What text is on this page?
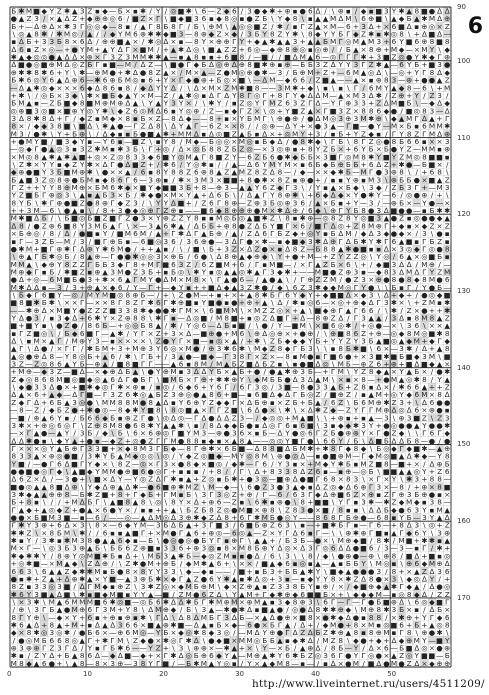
Б ✱ M ■ ◆ Y Z ✱ ▲ 3 Z ▪ ◆ — Б × ▪ ✱ / Y / ◎ ■ ✱ \ 6 — Z ◆ 6 / 3 ● ◆ ✱ + ⊕ ▪ ● 6 ∆ / \ ⊕ ▪ / ◆ ▪ ■ 3 Y ✱ ▲ 8 ■ ● ∆ ∆
● ▲ Z 3 / × ▲ ∆ Z + ◆ ⊕ ⊕ ◎ 6 / ■ Z × Г \ ■ ◆ ■ 3 6 ▪ ◆ 8 ◎ ▪ ● Z Б \ Y ◆ 8 \ ▪ ▲ ▲ M ∆ M \ 6 ⊕ ■ \ ▲ ◆ Б ▲ ✱ M ∆ ⊕
Б + — ∆ ⊕ ∆ × ✱ 3 Г ◎ ◎ ◆ — 8 ▪ / ▲ Г 8 Б 8 Г / Б \ ⊕ M \ ▲ ◎ ◎ ■ Z / ✱ / ▪ Г Z ▲ × M — 6 + 3 ∆ + × 6 ■ ∆ ▪ ⊕ ◎ × Z
\ ◎ ▲ 8 ✱ / ✱ M ◎ / ▲ / / ◆ Y M 6 ⊕ ✱ ✱ ◆ ■ 3 — 8 ⊕ ◆ Z × ◆ / 3 Б Y 8 Z Y ✱ \ 8 ◆ Y Y Б Г ◆ Z ✱ ▪ ✱ ◎ 8 \ + ∆ ■ ∆ —
▪ ∆ Б + 3 3 Б 8 × 6 ∆ / ⊕ ⊕ ■ ▲ × / ✱ ◎ ∆ × ▪ — 8 Y × ⊕ ⊕ Г Y + ◆ ▲ ✱ ▲ ▲ 3 + ▲ ▲ Б M Г ◎ M ▲ M 3 + 6 Y ■ 6 ⊕ 8 ■ 8
∆ 6 ▪ Z × ◎ — + ● Y M + ▲ Y ∆ Г × ■ M / + ▲ ✱ ∆ ◎ \ ■ ▲ Z Z + 6 ◎ — ◆ ⊕ 8 ⊕ ◎ ▪ ◎ ⊕ / / Б ▲ × 8 ⊕ + M ◆ — × M Y \ ◆
✱ ▲ ◆ ◎ ◎ ● ▲ ∆ ∆ × ⊕ × Г 3 Z 3 M M ✱ ✱ ▲ — ▪ ▲ 8 ▪ ▪ + 6 ■ 8 / — ■ / / ■ ∆ M ▲ 6 — ◎ Г Г Г ✱ + 3 ■ Z ◎ ● Y ✱ ◆ Г ⊕
∆ ■ ● ◎ ■ ⊕ M ∆ ◎ Z Б Г ▪ ■ — M / ∆ Z — \ ■ ● Г ◆ Б ∆ ◎ ⊕ ∆ ⊕ 8 ■ ✱ ⊕ ▪ ⊕ — Б Б 3 Z ∆ Y Y 3 Г Z ✱ ▲ — 6 Y Б + ■ 3 ●
⊕ ✱ ✱ 8 ✱ 6 + Y \ ✱ — ⊕ M ● + ✱ ∆ ● 8 Z ▲ × / M × ▲ — Z ● M ◎ ⊕ ● ✱ — 3 / Б ⊕ M + Z + — 6 M ▲ ◎ ∆ \ — ◎ + Y Г 8 ∆ ◆
Б ✱ 6 ◎ Y 6 ▲ ∆ ⊕ 6 — ✱ 6 ⊕ Б M ◎ ▪ 6 + Y × Г ◆ ● ⊕ + Б ◎ × ■ \ — ∆ M — ◆ 6 6 / Z ■ ▲ — — ▲ × ▪ ⊕ 8 3 — ⊕ + ● ● ▲ Z
— ∆ ▲ ✱ ◎ ◆ × × × 6 ◆ ∆ 8 6 ▪ 8 / ◆ ∆ Y Y ∆ / \ ∆ × M × Z M ✱ ■ 8 — — 3 M ✱ + ◆ \ ▪ \ ▪ \ Г / 6 M Y ▲ ◆ 8 — 6 \ + M
+ ✱ \ / ◎ Б × 3 ◆ \ ✱ × ■ Б ◆ ▲ Y × M — Z / ▲ ✱ ◎ ▪ ∆ Г ∆ Y 8 Г ◎ Г + 8 Г Y ◆ ∆ ∆ M — ▲ × M 3 ∆ ✱ / Z ⊕ + Y / Z 3 /
Б M ▲ ▪ — Z Б ■ ◆ 8 ■ M ⊕ M ⊕ ∆ ▲ \ Y ▲ Y 3 Y × / \ ✱ Y / ▪ Z ◎ Y Г M Z 6 3 Z Г ∆ — Y Г ⊕ 3 3 + Z ∆ M ■ Б \ — ◆ ∆ ◆
◎ ⊕ ■ 3 ◎ ■ × ■ ⊕ Y ◎ Y ✱ \ ◆ Z 6 ◎ M ∆ 6 ▪ Y ◎ ⊕ / Z — ▪ ◆ Г Z × \ ◎ + Y ■ Z ▲ × Г ■ 3 Z × 8 8 6 ◆ ● / ■ ◎ 8 3 — ∆
3 ∆ 8 ✱ 8 ∆ + Г / ◆ Z ▪ M ◆ × 8 ▪ Б × Z — 8 ∆ ◆ — — 8 + ▪ × Y Б M Г \ ⊕ ● ⊕ / ● ∆ M ◎ 3 ⊕ 3 M ✱ ⊕ \ ◆ ▲ M Г ∆ ▲ + Г
8 × / ◆ ◆ 3 8 ■ \ ■ ∆ \ ✱ ▲ ● — Г Z ∆ 8 \ ∆ Y ▲ Г — 6 Z × × 8 / / ◎ ⊕ — ∆ Y + × ● 3 ▲ — Г ■ — ● Y — M × Б ▪ 6 M M ✱
M 3 / ● ✱ \ Y + Б ⊕ \ / ∆ ◆ ▪ ▪ Б ● ■ ▲ ✱ + M M ∆ ▪ ∆ ◎ ■ Z ▲ Б ▪ ∆ × + ◎ M Y + 3 / ▪ Б + Y Z ◆ ▪ / Г Y 8 Z Г M ∆ ⊕
+ ● M Y ■ / ■ 3 ◆ Y ▪ — Y 6 ▪ — ■ Z \ ▪ Y 8 / M ◆ — Б ◎ ◎ × M ◎ ▪ Б ◆ ∆ / ● 8 ✱ ◆ \ Г Б \ 8 Г Z ◎ ● 8 Б 6 6 ▪ × × 3
— ◎ ◆ Г ● ▲ ◎ 3 ▪ 3 Z ✱ M ▪ ✱ 3 Б \ Г + ◎ / ∆ × ◎ Б 8 8 Z Б Z ◎ — × 3 ◎ ⊕ ▪ + 8 Y Z Б × + 6 Y Б × Б ● Y Z — M M ▪ ⊕
× M ◎ 8 ▲ ✱ ▲ ✱ ▲ ■ + ◎ × Z ◎ 8 3 3 ◆ 6 ■ Y ◎ M ▲ Г 8 ■ Z Y — 6 Z Б 6 ● ✱ ◆ Б Б × 3 ■ Г ◎ M 8 ✱ Y ■ Y Z M ◎ 8 ■ ■ ▪
\ Z ✱ × Y Y ▪ ◆ Z Y ✱ × ∆ Г ● ∆ ■ Z + / ✱ 6 / Y ◎ ✱ ▪ / / ▲ — ∆ 6 Y M Y M × ▪ 6 Б ◆ Б ⊕ Б Б + 6 ∆ Z + ✱ ● — Б ■ × /
◆ ⊕ ● ■ Y 3 Б ■ M ⊕ ✱ \ ● × × ▲ / 6 ▪ 8 Y 8 8 Z 6 ⊕ 8 ▲ Z ▲ M Z 8 Z ∆ 8 — / ◆ — × × ◆ ✱ Б — M Г ● 3 ⊕ 8 \ / + 6 8 \
Б ▲ ■ 3 Z ◎ 8 ⊕ ● Б M ▪ ◆ 8 6 Г 6 — 3 ⊕ ▪ / ✱ × 3 M 3 × ■ ■ + 8 ● ✱ × 8 Z ▪ ⊕ ● + / ▪ ▪ Y ⊕ ▪ M 3 \ ⊕ Б Б ● × ■ ▲ Z
Г Z + + Y Y 8 ⊕ M ⊕ × Б M 6 ✱ ◆ × ■ Y ◆ ■ ■ 3 Б + 8 — ⊕ 3 — ▲ ▲ Y 6 Z ◆ Г 3 \ / Y ▪ ▲ × Б ◆ \ 3 ◆ / Z Б 3 Г + — M 3
Y Z ■ Б Г ⊕ ◎ 3 \ ▲ ▪ ▲ Б 3 × Б / ✱ ◆ ● × M × Y ▲ + ∆ 6 Б \ / ∆ ▲ Г Y 8 ⊕ ✱ \ + 6 ◆ ∆ ◆ × Y ● ✱ Y — 6 / ◎ ● ⊕ / + \
8 Y Б \ ✱ Г ⊕ ● ■ Z ● 8 ⊕ Г ◆ Z 3 / \ Y Y ∆ ■ + / Z 6 Г 8 ⊕ — Z ⊕ 3 Б ◎ ⊕ 3 6 / ▲ × Б ▪ + Y — 3 / — ⊕ Б × — Y ● — ×
+ + 3 M — 6 \ ● ▲ ▪ \ / 8 + 3 ● ◆ ◎ ⊕ Г Z ⊕ ▪ — — ■ 6 ◆ 8 ⊕ ⊕ ⊕ ● M × ✱ ∆ ⊕ / 6 ◆ \ ⊕ Г Y Б 8 ● 3 ∆ ■ ● ● — ▪ Б ✱ ✱
M ✱ ■ ∆ Б / \ Б ■ ◎ Б ■ Z ■ Г Z ● 3 × Y ⊕ Z Z Y 8 ▪ ▪ M ◎ Б ◎ ▲ ■ ✱ Z \ 8 ▪ ✱ ⊕ — ◎ 8 Z 8 Y ◎ ■ 3 ▲ ● Z ▪ ◎ ● ● ◆ ▲
∆ 8 / ● Z ⊕ 6 ■ 8 Y 3 M Б ▲ Г \ × — 3 ▲ 6 ✱ ▲ / ∆ Б Б + ⊕ 8 ● Z ∆ Б Y ■ Г × 6 / ■ Г ∆ ◎ + Z 8 M ⊕ Г + ◆ ▪ × ◆ Z × Z
× Б ⊕ ◎ / 8 / ∆ / ● ■ ▪ Y / ■ M 6 M / ▲ + Г ✱ ∆ Г ▲ Б ⊕ / ▲ / Z ∆ 6 Г Б Z ◆ + ◎ Y ▪ Б ∆ M / ◆ ∆ 3 ◆ ● ◆ × / 3 \ ● ▪
▪ Г — 3 Z Б — M / 3 / ■ Г ⊕ Б ▪ — 6 ■ ◎ 3 6 / 3 6 ⊕ ● — 3 ∆ Г ● × ✱ — ▪ ◆ ■ ◆ 3 ✱ ∆ ⊕ Г ∆ Б ✱ Y ✱ Г 6 ▲ ■ ▪ Г Б Z ▪
● ✱ M + ■ Г ⊕ ✱ Г ∆ ⊕ Y ✱ 6 M ● / + + ▲ ▪ / \ / ■ \ Б + 3 Z × ∆ Z ● × ▪ ∆ 8 Z — Б 8 8 ▲ ✱ ● ■ ▪ ▪ ∆ × 3 ◎ ◆ Г ◎ ● 8
\ ⊕ ▲ Г Б ✱ ◎ Б / 8 ▲ ⊕ — Г ● ● ✱ ◎ ◎ 3 × ⊕ Б / 6 ● \ ∆ 8 ⊕ ▲ ◆ ⊕ ◆ \ Y + ● + M — + Z Y Z Z ◎ \ Y ◎ / 6 ▲ × ◎ ■ Б ▪
M M ▲ \ ◆ ⊕ Y 8 Z Z Г Б Б 3 ◆ Г 8 + M Г ■ 6 3 Z / 6 Z ■ M + 6 / Г ▪ M ■ — / × Г ▲ Z Б × 6 \ + / ◆ ■ 3 ∆ ∆ / M ⊕ / —
M ⊕ ◆ Г ▪ Б / ✱ ■ Z ▪ ⊕ ▲ 3 M ● Z 3 Б + ▪ Б ◎ \ ✱ Y ▪ ◎ ▲ ▲ ◎ ✱ ▲ Г 3 ◆ ✱ + — — M ■ ● Z ⊕ 3 ▪ — ◆ 8 3 ∆ M ∆ Г Y Z M
● ∆ + ◎ — 6 M ■ Б ● 3 + ✱ × 6 ▲ Г M Y ● ∆ M × M 8 × \ Г ▲ ● 6 — / ▲ ● ▲ \ / Г ⊕ Z Z M / ● Z 3 × ⊕ ● 8 ● 8 ◆ 8 M ● 6
M ✱ ∆ ∆ ▪ — 3 / 3 + ⊕ ▲ × ◆ 6 / Y — Г + — ◆ Y ▪ + + ■ ∆ ◆ ▲ 3 Z ✱ ● / ◆ \ 6 Z 3 ✱ ◆ ◆ M ◎ Г Y ● \ \ Б ▪ Г / Y ● Б —
\ Б ◆ Г 6 ■ Y — ◎ / M Y M ■ ◎ 8 ⊕ Б — / + \ Z ● M — + ▪ + × + ▲ 8 ✱ Б Г 6 Y ◆ Y + ◆ ■ ■ ∆ × ◆ 3 \ ∆ + ◆ + / ● ◎ ◆ ■
■ 8 ■ ✱ Б ✱ \ × × Г — × × 8 Г 8 Z Г ✱ 6 Г ✱ ⊕ ■ ▪ Y ■ ● ▪ ● + ⊕ + ▲ \ ∆ / ✱ ▪ ◎ 6 — × ◎ + ⊕ ◆ ∆ Г 3 ✱ × \ + Z M ▪ ✱
— — ✱ ⊕ ∆ × M ■ Y ● Z Z Z ■ 3 3 8 ✱ ◆ ● ● ✱ Г M × \ 6 ■ M M \ × M Z Z ◎ × + ▲ \ ■ ◆ ⊕ Г ▲ Г 6 6 / \ ✱ / Z × ● + + ✱
Y ∆ ● 3 / ▪ 3 ◆ ∆ + 6 ✱ Y × Z ⊕ 8 8 \ ✱ Г ▪ — ∆ ◎ ■ / M 8 ■ + ▪ ◎ Z ∆ ■ Г + ∆ — 8 ⊕ Z ∆ / Г 3 ▲ ▲ / 3 ∆ ▪ 8 M 8 ▲ Z
■ + ■ Y ▪ \ ● Z ● / 8 6 Б — + ◎ ◎ Б 8 ▲ / ✱ / Y ◎ 6 — ∆ Б ▪ ■ / \ ● / Y — ■ M \ × ■ 6 ◎ ✱ / + ◎ ● — × \ 3 6 \ × × ▲
▪ Г Z ■ ◎ \ / Б ◆ 6 ■ Г — ▲ ✱ / Y Г × Z + 3 × ∆ — ■ ⊕ ● + M 6 \ ⊕ ∆ ◎ ⊕ × + ● ⊕ / \ ⊕ ■ 8 6 Z + ⊕ — ◎ ◆ 8 M ◎ ■ ✱ 8
∆ \ ▪ M × ▲ Г / M ⊕ Y 3 — ▪ × × × × \ Z ● Y Г × ■ — ▪ ◎ × ▲ / + ✱ \ Z Б ◆ ◆ ◆ Y Б + Y Y Z Y 3 Б ▲ ■ ◎ ▲ ◆ M + ◆ Г ◆
▲ Г \ ∆ ● / × Г Г / ✱ Б M + 3 + M ⊕ 3 Y 6 ◎ × M ● / ⊕ 3 ✱ 6 ✱ \ M ◆ Z 8 ◆ Г Б 3 \ \ ▪ 8 Б ✱ ■ \ 6 × — 3 ✱ / ∆ + ▲ 8
▲ ◎ ● ⊕ ∆ 8 — Y 8 ◎ Б + ▲ 6 / ✱ \ Г Б + / 3 ▲ ● — ■ ◆ — Г 3 8 Г × Z × — 8 ▪ M ● ▪ Г ■ 6 ● + × 3 ■ ✱ ■ Б ■ ◆ 3 M \ ■
3 Z — Z ◎ 8 6 ▲ Y Б — ⊕ ▲ / ■ 8 ■ Г Г — — ▲ 6 ▪ 8 M / M ▲ Б Z ■ ∆ Б Z ▪ \ ▪ ● ■ ∆ ◎ \ M Б — ⊕ Z 6 + ⊕ + ■ ∆ ■ ◆ ▲ ×
+ M ⊕ — ◆ 3 Z — ■ ∆ — × ◆ ⊕ ∆ Б ▲ \ ● Y ⊕ M ▪ 3 ∆ ∆ Y Б × ▲ Б + ● / ● ▲ ✱ ⊕ 3 Б — + Г M \ Y Z 8 ◆ ▲ × Y ▲ Б × / ● ✱
Z ◆ ◎ 8 6 8 M ■ ◎ ■ ◆ ◎ ▲ 6 ∆ Г ● Б Г \ ■ M Б × Г ⊕ + ✱ ✱ ⊕ Y \ ◆ M Б Б ● ∆ 3 ∆ ▲ M \ × ▪ × 8 — + ● M ▲ ◎ ✱ 8 / Y ▲
\ ◆ ● 3 3 ∆ ● × + ■ ✱ ◆ ◎ Г ✱ × ⊕ ▪ / ▪ ◎ / 6 ◆ 6 + Y 6 Г / 6 Г 3 ◎ / 3 ■ — 8 ● 3 3 ▲ Б + Z 8 ▪ ∆ × / ✱ 6 6 ▲ + + Z
∆ ▲ × 6 + ▲ ◆ — ∆ Г ■ — Г 3 Z 6 ✱ ◎ ▲ Б Z 3 ⊕ ◎ ● ▲ 8 6 + ■ — ▪ 6 ■ ∆ ◆ ∆ Г Б ◎ Z / ■ ⊕ Z / ▪ ▲ M + ◎ Y ◆ 6 M × 8 ∆
Z ◆ Г ∆ + 6 Б ▲ 3 ◎ ● \ M M 8 8 M ● 8 ▲ ∆ ▪ Y 6 ⊕ Y Z ◆ ◆ Г × ∆ Б ⊕ ▪ × Z Б + Б ▲ / 6 Z \ Б 6 M ⊕ ✱ Z 3 + \ ∆ 6 ● ●
— 8 — Z / ◆ Б Z ● + ✱ ● ◎ — 8 ◆ ✱ Y ■ 8 \ 8 ◎ ■ ▲ × Г Г Z ■ \ 6 ∆ ● × \ ✱ \ × ∆ ✱ Z ◆ — Z Y Г Г M ⊕ ∆ ◎ ∆ 6 × ⊕ ● ▪
— ■ / ⊕ ▲ 6 Y ▪ / Б 6 6 ◆ Б ▪ ⊕ Z Г ● \ ◎ ∆ ◎ — Г ∆ ● ∆ ∆ Z 3 — / ◆ ◎ ◎ + M ▲ ■ \ \ + ⊕ ▪ + ▪ ▲ — 3 \ ⊕ 3 ■ Z \ Z 3
3 ✱ × + ⊕ ◎ 6 ◎ Г \ Z ⊕ 8 M 8 ● 6 8 ✱ Y ▲ ▲ ✱ \ ▪ / 8 ∆ ◆ ◆ Б ● ▪ ∆ ◎ Г 6 ▪ 6 ■ \ 3 ▪ ◆ ◆ ✱ 3 Y + ● ◎ ● ● ▲ Y ● ● ✱
— × Г ▲ ● — ▲ Y / 3 Б / ◆ \ Б \ 6 × 6 ⊕ ◎ Г ■ Y M 3 — ⊕ ● 3 6 × ▪ Б — ∆ Y ● ◎ 6 Г Z Б ● ⊕ ⊕ Y × Г ● Z ◆ \ \ Г 6 Г ◆
∆ ∆ ✱ ● ▪ \ ◆ Y ▲ + ● ▪ — ◆ Z + ◎ ● Z Г Г M ● 8 8 ▪ ◆ ▪ × ▲ 8 ▲ — — ◎ ◎ Y ■ Г ● \ 6 6 Y / Б \ ∆ ■ Б ∆ ∆ Б 8 — ● / ●
Г × × × ◎ Y ▲ Б ⊕ Г 3 3 ■ + × ◆ 8 M 3 Г Б ◆ — 8 Г ⊕ ✱ × 6 Б ■ — ∆ 8 8 ■ ∆ Б M ✱ + ✱ 8 Г ◆ 8 ◆ \ Б ◎ ◆ Г ◆ ■ ✱ — ▲ ⊕
8 3 3 ▲ × ⊕ ◎ ● ■ / 3 ✱ Y Б ▲ M ◆ ◎ ◎ \ ◎ / Y ◆ Z ◎ ■ ◆ — M Y ◎ 8 M \ ⊕ ● ◎ ∆ — ▪ ● ■ ⊕ M — Г ◆ M ◎ ■ ▲ ∆ ✱ ◆ — Y 8
Y ■ / — ● Г 6 ∆ ■ Г Y ◆ × \ 8 Z — ◎ × Г 3 × ● 8 ◆ × ■ ◎ / ◆ ✱ — Г 6 / Y 3 ▪ × + M ◆ Y ✱ Б ▪ M Z ■ 8 — ■ + × / ∆ ⊕ Б
● ● ■ ● ◎ Г ◆ \ ▲ ■ ◆ Y M M ● ⊕ ■ 6 ● ◎ Г + ▪ ▪ ▪ / + 8 / / Г \ ∆ + 8 3 3 8 ∆ Z 6 ▪ — ▪ ⊕ — ◎ Б \ ■ ■ ▲ ▲ ◎ Y + Z 6
∆ 6 Z × ∆ / — 3 ● + \ ■ × ∆ Y — Y ◎ Z ∆ Г ✱ ▪ ▲ + Z ◎ ▪ Б ✱ + ● 3 ◎ — ■ ⊕ ∆ ● ■ Г 6 8 × 8 3 \ × Г × Y \ ✱ 3 + 8 8 —
■ ● ◎ ▲ ▲ 8 ■ ∆ ⊕ \ Y ◆ ∆ ⊕ ▲ ∆ ✱ — ● 6 ■ ⊕ ✱ M Z \ M — ◆ — \ 6 ● Z 3 ● 3 ▲ ◆ ▪ ∆ Z ◎ ◆ ∆ 6 ⊕ Г 3 × — 8 / + ⊕ × 8 ■
3 ✱ ◆ ▲ ▲ ⊕ ⊕ 8 — Б ✱ Z ■ + 8 + Г ◆ Б + Г M ▪ Б \ 3 Г 3 ◎ Z + ⊕ / Г — 6 / 6 3 Г ◆ ∆ ⊕ ■ 6 Z × ⊕ ▪ Z Г ⊕ 3 Б ⊕ ● ▪ ×
Б + 8 ▪ \ / / + M ∆ Б Г \ ▲ ■ 8 ▲ 8 \ ◎ \ 8 Y × ∆ + ⊕ 6 — Z ▪ \ 6 ✱ ▪ ⊕ ● \ 8 + ■ ■ \ Y Г ▪ 3 ✱ — ✱ Z ◆ M ◆ ▪ 3 8 —
Г ▲ ◆ + ▲ ◎ ◆ Z + ● ▲ × 6 ● Y × / ▪ ▪ + + ▲ \ Б Z Б 8 Z ◎ ● M ■ × ⊕ 8 \ Z 8 3 ● × ■ / 8 ▪ ▪ \ ∆ ∆ Б ◆ ● 6 3 Y ▪ M ▲
● ● × Б ■ M 3 ■ — ▪ — 6 / — — ◎ — ▲ ∆ M ◎ ∆ 3 ⊕ ✱ ◆ Z ∆ 8 + 6 Г ✱ M Б ● ◎ Y — — 8 6 8 Г Б ⊕ ● — 6 8 ▪ Y Б — 3 Y ▲ ∆
Г ✱ Y 3 ⊕ + 6 ∆ × 3 \ 8 × — 6 ◆ Y M — 3 Б ∆ Б ▲ + 3 Г ■ 3 / 6 ■ Б ⊕ Z 6 3 \ ▪ — + ■ ✱ Б Г ▪ — Г 6 — + 8 ∆ 3 \ ◎ + Z
✱ ✱ Z \ × 8 Б M \ ✱ / / 6 ▪ ▪ ▲ ■ Г + × M ● Г ▲ 6 + ⊕ ◎ — 6 ◎ ▲ — Z × Y Г ∆ 6 ▪ Г — \ \ ⊕ ✱ ⊕ Г ■ ▪ ▲ Г ◆ 6 Y \ 3 ⊕
✱ ▪ Y / 3 ✱ ▪ ✱ M 3 8 ● ▲ ▲ 6 ◆ ▪ — Б \ ● ◎ ● ◎ ● Б Y Г ▪ ⊕ Г \ ▲ ▲ + / Б 3 Б — ● × \ M ⊕ ◆ ■ / 8 ✱ / M ■ + ✱ ✱ ▪ ▲
M × Г — \ ◎ 3 Б 3 ⊕ ▲ Б \ Б Б 6 Z ⊕ ■ ▪ 3 3 6 + ⊕ 3 ◎ ▪ 8 × M 8 Б ⊕ Y ∆ ◎ × ∆ 3 Г ◎ 6 ∆ ∆ ● ■ 6 / 3 — 3 — ▪ Г / ✱ +
✱ ◆ ✱ ✱ Y / 8 ⊕ Y ◎ M ■ ✱ Б ▪ ∆ + \ M Б 3 ▲ ✱ Б — ◆ ◎ Z M ▪ ▪ ● ∆ / 6 \ 3 \ \ 8 / ◆ \ ● ⊕ ● — ⊕ \ ⊕ 8 / ■ ∆ + ■ ▪ ◎
+ ◎ ✱ ■ — × M ▲ ◆ \ Z ∆ ⊕ / \ Z ✱ ● M + ⊕ Б / ◆ M ✱ ▲ 6 + \ × × / ■ ▲ ◆ 6 ▪ ◎ ▪ ▲ — ▲ ▪ Б Б Y \ M ◎ ▪ \ ⊕ 6 ◆ M ⊕ ∆
6 6 3 \ 6 ▲ ▲ Z ◆ ✱ ✱ M ▪ Б ● 8 × 8 Y Y 3 3 \ ◆ — ◆ ▪ — — / ■ + ▪ Б 3 + Б Б ▲ ✱ Y \ ■ ◆ ▲ ● ● ● 3 / 8 + × ▲ Z ∆ 3 6
● ▪ ✱ + Z ▲ + ∆ ⊕ ✱ ▲ × Y ■ — ▲ 3 ⊕ Б ✱ × ◆ Г ▲ Z ● 6 Y ✱ ▲ ▪ ✱ ∆ ◎ + 3 ▪ — ▪ ◆ Y Y 8 × ✱ Z ∆ 8 ● × 3 \ ◆ ◎ ∆ Y / +
8 Z ▪ 3 3 ◎ 3 ■ / ∆ Г M ◆ ▪ ⊕ Z \ 3 ✱ Z ◎ × ◆ M Б ⊕ M \ ◆ × Z ⊕ ▲ ▪ Z 3 3 8 Б Y ▪ ⊕ / × / ◆ ■ ⊕ ◆ ▲ ✱ Г ◆ ▲ / ∆ ● ◎
✱ 6 Y 3 ■ ▲ ∆ ■ \ ✱ ▪ ■ ◆ M ■ ▪ Y Y ▲ — ■ / Z M ● 6 Z ∆ \ Y ▲ M + Г ◆ ✱ ⊕ ◆ 6 ■ ■ Б × + \ ◆ ◆ ◆ M — ▪ ◎ 8 ◆ ∆ / Z Z
\ × 3 ✱ \ M ▲ 6 M M M ■ 6 ✱ ◎ ■ — ◎ Б 6 ✱ ∆ ∆ ✱ Б Г ✱ M ⊕ M × ⊕ M ▲ ▪ 3 ◆ 8 ⊕ 3 \ 6 Г — Г — Г ● Б ■ ⊕ ∆ \ 6 ◎ ◆ ■ Г
/ ⊕ \ 3 Г Б ▲ ● M ⊕ 6 Г 3 M + Y 8 \ ∆ M ⊕ ◆ / Б \ 3 ▲ — ✱ ● ✱ ∆ ▪ ■ ▲ ● / ◎ ● ∆ 8 ✱ ✱ ⊕ ◆ \ M ⊕ 8 ✱ 3 Б × ▪ / ∆ Б ×
8 Г Y ⊕ \ — ◆ × Y + 6 ▪ + ⊕ ▪ ⊕ ▪ ✱ \ Г ∆ \ ∆ 8 ∆ M Б Г 3 ∆ Б — × ▲ ∆ ● ⊕ × ■ 8 × ● ✱ ◆ ∆ ● ▪ 8 8 / × ✱ ⊕ + Y Г ◆ 6
✱ 6 ▲ ∆ + 8 ▲ + M + ▪ ∆ ▲ ∆ 3 6 6 × ■ ▲ ⊕ ✱ ■ — ∆ ▲ ▪ Б × ◆ — 6 ● × Б Г ▲ / ∆ + / ◆ M ● + 8 × M ▪ ◎ ■ 6 + Б + ▲ ◎ 8
◆ × 8 ✱ ◎ 3 ◎ ✱ / ● Б 6 × — ⊕ 6 M ◎ — Y Б × ◆ ◎ ✱ 8 ◆ 3 ◎ / — M ∆ Y ⊕ ● Г ∆ Z ∆ Б Z ✱ ⊕ ▲ 8 ▪ 8 ⊕ M ▪ Г 8 \ ⊕ ● ✱ \
/ ● ◎ M Б 6 6 8 ◎ ▲ Г + ✱ Г M \ Z ◆ ● × ✱ ◎ Г ✱ ∆ \ ● ◆ ■ × M M ◎ Б Б ▲ ▪ ◆ ✱ ∆ / M Z 8 \ ◆ ● + ◆ + ∆ ◆ ⊕ M Y — ■ Y
⊕ 3 ⊕ ⊕ Г Z 3 Г ∆ / Y ▪ Г Б ✱ 6 — — Y Z + \ 3 \ ⊕ ⊕ × — ✱ ▲ + × \ Y — × Б / ▲ ⊕ ∆ / 8 Б — Y / ∆ × 6 — Б ■ ∆ ◎ × ● ⊕
✱ ▪ / Z Y ∆ + Б ▲ 8 6 ∆ — ◆ ∆ ■ — ◆ + × Г ✱ ∆ ◎ Б ⊕ 6 ◆ Y ▲ — M ⊕ ▲ ✱ Y 6 ✱ Б Z ◎ 3 6 Г ● Y Г ◎ ● × ▲ Z ◎ Y ■ ■ — Б
M 8 ◆ ▲ 6 ● + \ ▲ 8 — 8 × 3 ⊕ — 3 8 Y Г ■ / — Б ✱ M ▲ Y ◎ ▪ / Y × ▲ ◆ M 8 — ▪ — / ▪ ∆ × ● M / ■ ∆ ● M ● Z ∆ × ◆ ⊕ ⊕
6
90
100
110
120
130
140
150
160
170
0	10	20	30	40	50
http://www.liveinternet.ru/users/4511209/
